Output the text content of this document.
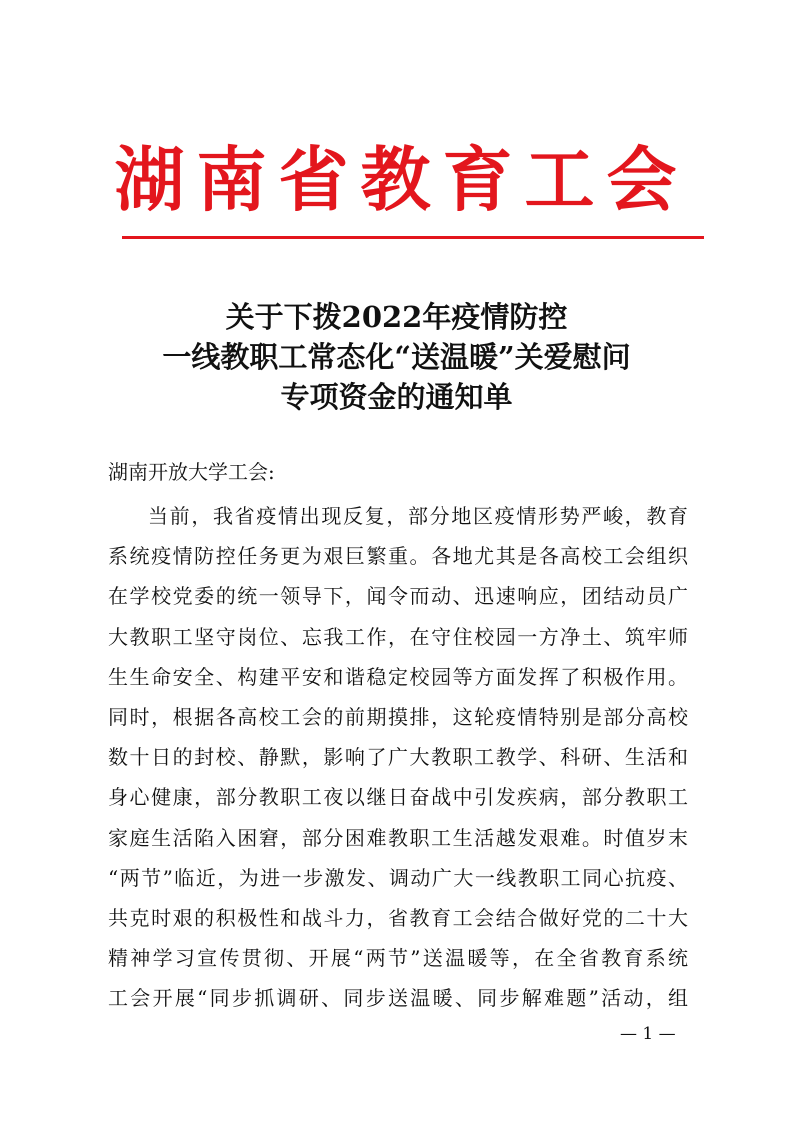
湖南省教育工会
关于下拨2022年疫情防控
一线教职工常态化“送温暖”关爱慰问
专项资金的通知单
湖南开放大学工会:
当前，我省疫情出现反复，部分地区疫情形势严峻，教育
系统疫情防控任务更为艰巨繁重。各地尤其是各高校工会组织
在学校党委的统一领导下，闻令而动、迅速响应，团结动员广
大教职工坚守岗位、忘我工作，在守住校园一方净土、筑牢师
生生命安全、构建平安和谐稳定校园等方面发挥了积极作用。
同时，根据各高校工会的前期摸排，这轮疫情特别是部分高校
数十日的封校、静默，影响了广大教职工教学、科研、生活和
身心健康，部分教职工夜以继日奋战中引发疾病，部分教职工
家庭生活陷入困窘，部分困难教职工生活越发艰难。时值岁末
“两节”临近，为进一步激发、调动广大一线教职工同心抗疫、
共克时艰的积极性和战斗力，省教育工会结合做好党的二十大
精神学习宣传贯彻、开展“两节”送温暖等，在全省教育系统
工会开展“同步抓调研、同步送温暖、同步解难题”活动，组
— 1 —
